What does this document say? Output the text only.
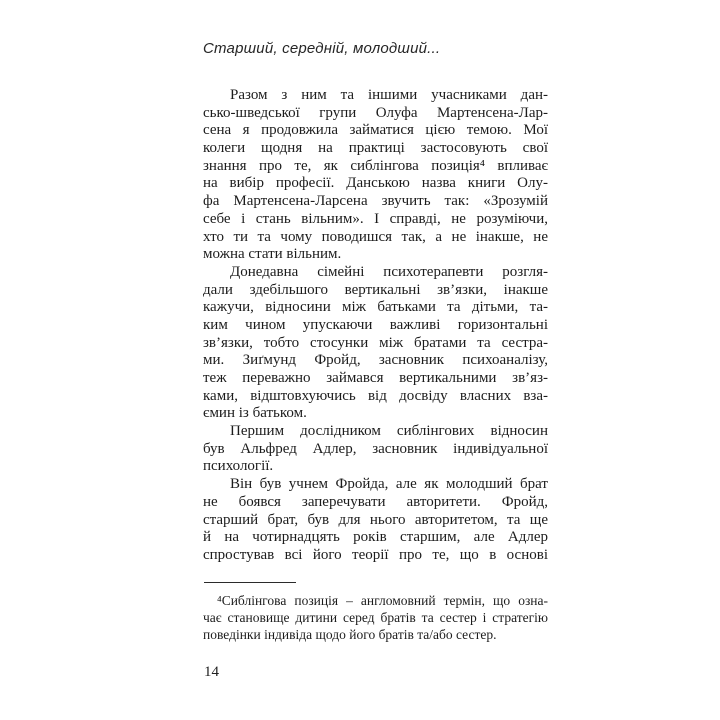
Старший, середній, молодший...
Разом з ним та іншими учасниками дан-
сько-шведської групи Олуфа Мартенсена-Лар-
сена я продовжила займатися цією темою. Мої
колеги щодня на практиці застосовують свої
знання про те, як сиблінгова позиція⁴ впливає
на вибір професії. Данською назва книги Олу-
фа Мартенсена-Ларсена звучить так: «Зрозумій
себе і стань вільним». І справді, не розуміючи,
хто ти та чому поводишся так, а не інакше, не
можна стати вільним.
Донедавна сімейні психотерапевти розгля-
дали здебільшого вертикальні зв’язки, інакше
кажучи, відносини між батьками та дітьми, та-
ким чином упускаючи важливі горизонтальні
зв’язки, тобто стосунки між братами та сестра-
ми. Зиґмунд Фройд, засновник психоаналізу,
теж переважно займався вертикальними зв’яз-
ками, відштовхуючись від досвіду власних вза-
ємин із батьком.
Першим дослідником сиблінгових відносин
був Альфред Адлер, засновник індивідуальної
психології.
Він був учнем Фройда, але як молодший брат
не боявся заперечувати авторитети. Фройд,
старший брат, був для нього авторитетом, та ще
й на чотирнадцять років старшим, але Адлер
спростував всі його теорії про те, що в основі
⁴Сиблінгова позиція – англомовний термін, що озна-
чає становище дитини серед братів та сестер і стратегію
поведінки індивіда щодо його братів та/або сестер.
14
